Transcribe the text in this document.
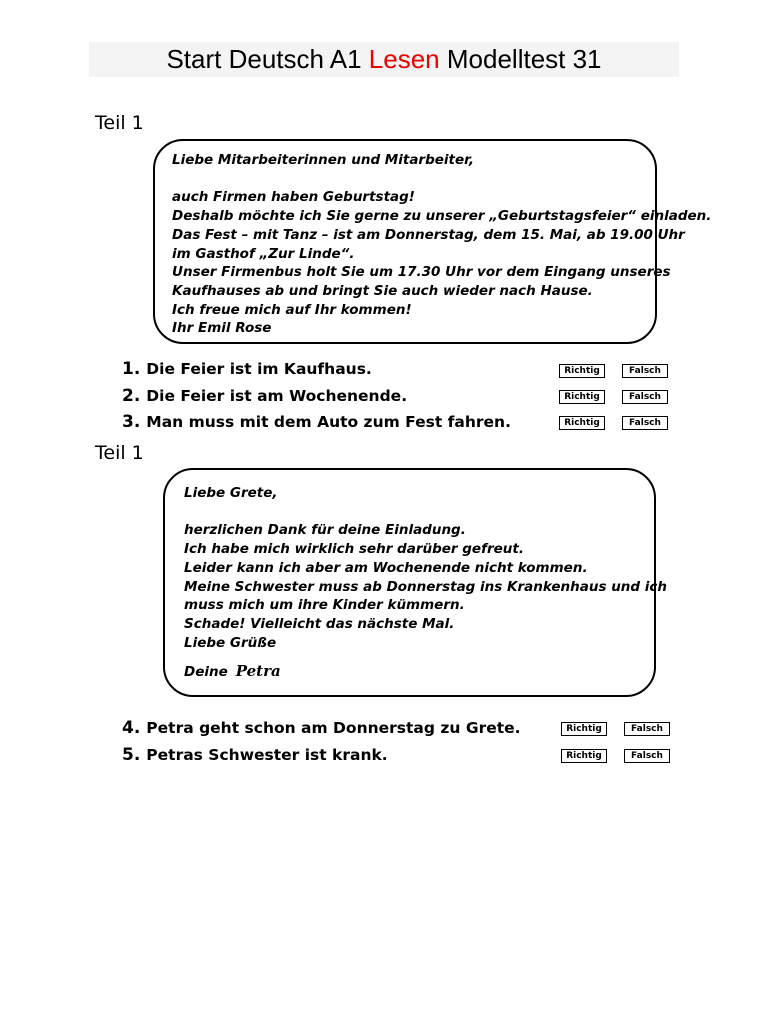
Start Deutsch A1 Lesen Modelltest 31
Teil 1

Liebe Mitarbeiterinnen und Mitarbeiter,

auch Firmen haben Geburtstag!

Deshalb möchte ich Sie gerne zu unserer „Geburtstagsfeier“ einladen.

Das Fest – mit Tanz – ist am Donnerstag, dem 15. Mai, ab 19.00 Uhr

im Gasthof „Zur Linde“.

Unser Firmenbus holt Sie um 17.30 Uhr vor dem Eingang unseres

Kaufhauses ab und bringt Sie auch wieder nach Hause.

Ich freue mich auf Ihr kommen!

Ihr Emil Rose

1. Die Feier ist im Kaufhaus.	Richtig	Falsch
2. Die Feier ist am Wochenende.	Richtig	Falsch
3. Man muss mit dem Auto zum Fest fahren.	Richtig	Falsch
Teil 1

Liebe Grete,

herzlichen Dank für deine Einladung.

Ich habe mich wirklich sehr darüber gefreut.

Leider kann ich aber am Wochenende nicht kommen.

Meine Schwester muss ab Donnerstag ins Krankenhaus und ich

muss mich um ihre Kinder kümmern.

Schade! Vielleicht das nächste Mal.

Liebe Grüße

Deine Petra

4. Petra geht schon am Donnerstag zu Grete.	Richtig	Falsch
5. Petras Schwester ist krank.	Richtig	Falsch
